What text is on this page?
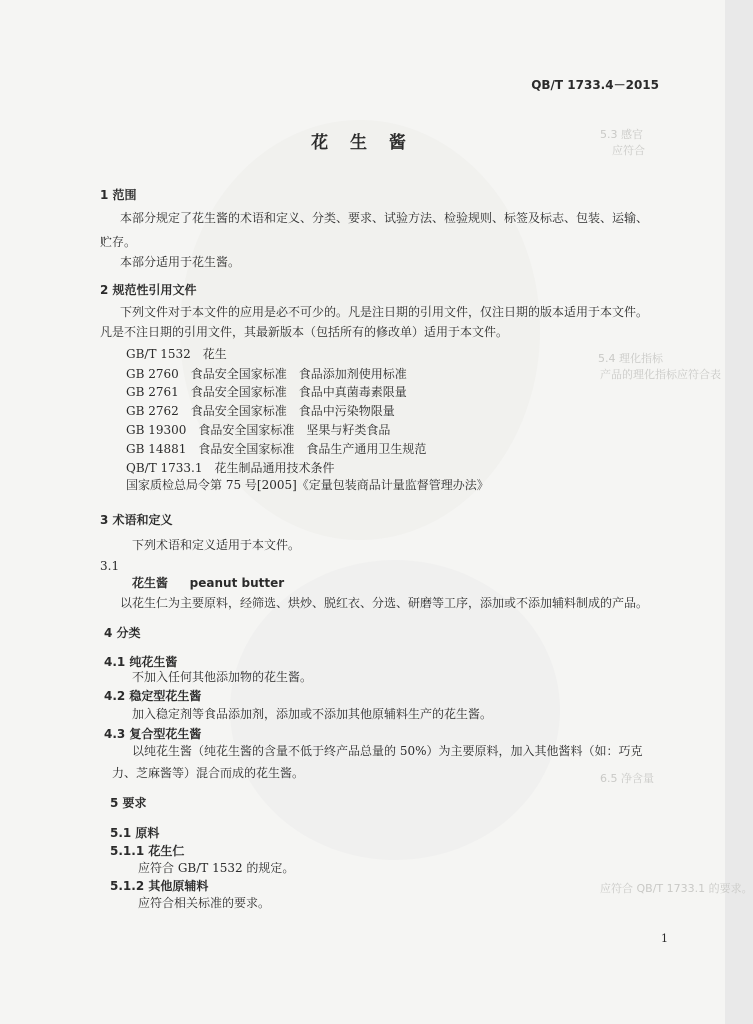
5.3 感官
应符合
5.4 理化指标
产品的理化指标应符合表
6.5 净含量
应符合 QB/T 1733.1 的要求。
QB/T 1733.4－2015
花 生 酱
1 范围
本部分规定了花生酱的术语和定义、分类、要求、试验方法、检验规则、标签及标志、包装、运输、
贮存。
本部分适用于花生酱。
2 规范性引用文件
下列文件对于本文件的应用是必不可少的。凡是注日期的引用文件，仅注日期的版本适用于本文件。
凡是不注日期的引用文件，其最新版本（包括所有的修改单）适用于本文件。
GB/T 1532　花生
GB 2760　食品安全国家标准　食品添加剂使用标准
GB 2761　食品安全国家标准　食品中真菌毒素限量
GB 2762　食品安全国家标准　食品中污染物限量
GB 19300　食品安全国家标准　坚果与籽类食品
GB 14881　食品安全国家标准　食品生产通用卫生规范
QB/T 1733.1　花生制品通用技术条件
国家质检总局令第 75 号[2005]《定量包装商品计量监督管理办法》
3 术语和定义
下列术语和定义适用于本文件。
3.1
花生酱 peanut butter
以花生仁为主要原料，经筛选、烘炒、脱红衣、分选、研磨等工序，添加或不添加辅料制成的产品。
4 分类
4.1 纯花生酱
不加入任何其他添加物的花生酱。
4.2 稳定型花生酱
加入稳定剂等食品添加剂，添加或不添加其他原辅料生产的花生酱。
4.3 复合型花生酱
以纯花生酱（纯花生酱的含量不低于终产品总量的 50%）为主要原料，加入其他酱料（如：巧克
力、芝麻酱等）混合而成的花生酱。
5 要求
5.1 原料
5.1.1 花生仁
应符合 GB/T 1532 的规定。
5.1.2 其他原辅料
应符合相关标准的要求。
1
